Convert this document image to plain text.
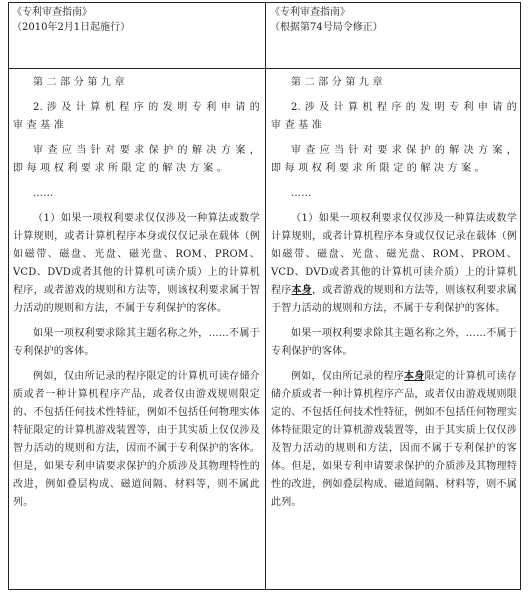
《专利审查指南》
（2010年2月1日起施行）
《专利审查指南》
（根据第74号局令修正）

第 二 部 分 第 九 章

2. 涉 及 计 算 机 程 序 的 发 明 专 利 申 请 的 审 查 基 准

审 查 应 当 针 对 要 求 保 护 的 解 决 方 案 ， 即 每 项 权 利 要 求 所 限 定 的 解 决 方 案 。

……

（1）如果一项权利要求仅仅涉及一种算法或数学计算规则，或者计算机程序本身或仅仅记录在载体（例如磁带、磁盘、光盘、磁光盘、ROM、PROM、VCD、DVD或者其他的计算机可读介质）上的计算机程序，或者游戏的规则和方法等，则该权利要求属于智力活动的规则和方法，不属于专利保护的客体。

如果一项权利要求除其主题名称之外，……不属于专利保护的客体。

例如，仅由所记录的程序限定的计算机可读存储介质或者一种计算机程序产品，或者仅由游戏规则限定的、不包括任何技术性特征，例如不包括任何物理实体特征限定的计算机游戏装置等，由于其实质上仅仅涉及智力活动的规则和方法，因而不属于专利保护的客体。但是，如果专利申请要求保护的介质涉及其物理特性的改进，例如叠层构成、磁道间隔、材料等，则不属此列。

第 二 部 分 第 九 章

2. 涉 及 计 算 机 程 序 的 发 明 专 利 申 请 的 审 查 基 准

审 查 应 当 针 对 要 求 保 护 的 解 决 方 案 ， 即 每 项 权 利 要 求 所 限 定 的 解 决 方 案 。

……

（1）如果一项权利要求仅仅涉及一种算法或数学计算规则，或者计算机程序本身或仅仅记录在载体（例如磁带、磁盘、光盘、磁光盘、ROM、PROM、VCD、DVD或者其他的计算机可读介质）上的计算机程序本身，或者游戏的规则和方法等，则该权利要求属于智力活动的规则和方法，不属于专利保护的客体。

如果一项权利要求除其主题名称之外，……不属于专利保护的客体。

例如，仅由所记录的程序本身限定的计算机可读存储介质或者一种计算机程序产品，或者仅由游戏规则限定的、不包括任何技术性特征，例如不包括任何物理实体特征限定的计算机游戏装置等，由于其实质上仅仅涉及智力活动的规则和方法，因而不属于专利保护的客体。但是，如果专利申请要求保护的介质涉及其物理特性的改进，例如叠层构成、磁道间隔、材料等，则不属此列。
